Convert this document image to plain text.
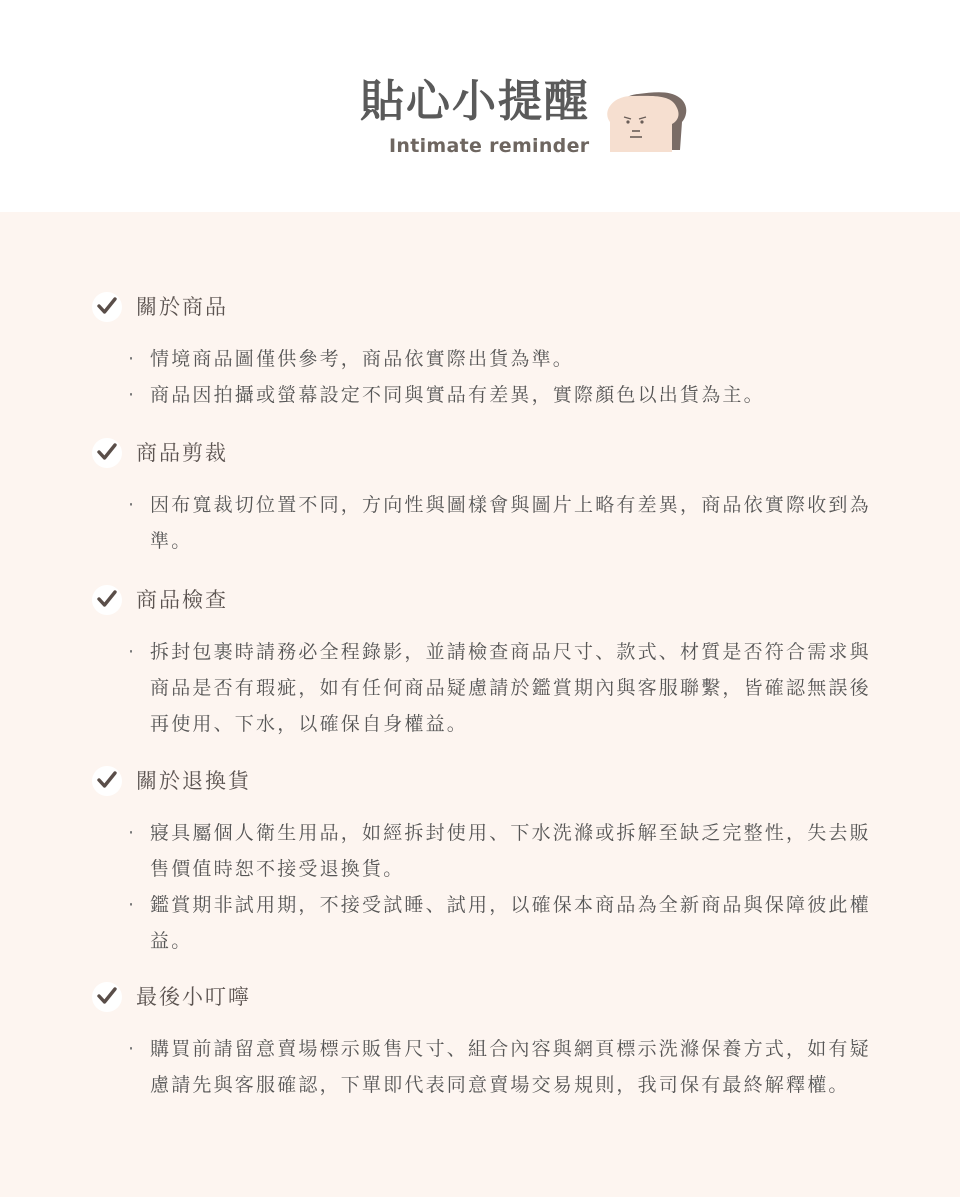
貼心小提醒
Intimate reminder
關於商品
· 情境商品圖僅供參考，商品依實際出貨為準。
· 商品因拍攝或螢幕設定不同與實品有差異，實際顏色以出貨為主。
商品剪裁
· 因布寬裁切位置不同，方向性與圖樣會與圖片上略有差異，商品依實際收到為準。
商品檢查
· 拆封包裹時請務必全程錄影，並請檢查商品尺寸、款式、材質是否符合需求與商品是否有瑕疵，如有任何商品疑慮請於鑑賞期內與客服聯繫，皆確認無誤後再使用、下水，以確保自身權益。
關於退換貨
· 寢具屬個人衛生用品，如經拆封使用、下水洗滌或拆解至缺乏完整性，失去販售價值時恕不接受退換貨。
· 鑑賞期非試用期，不接受試睡、試用，以確保本商品為全新商品與保障彼此權益。
最後小叮嚀
· 購買前請留意賣場標示販售尺寸、組合內容與網頁標示洗滌保養方式，如有疑慮請先與客服確認，下單即代表同意賣場交易規則，我司保有最終解釋權。
